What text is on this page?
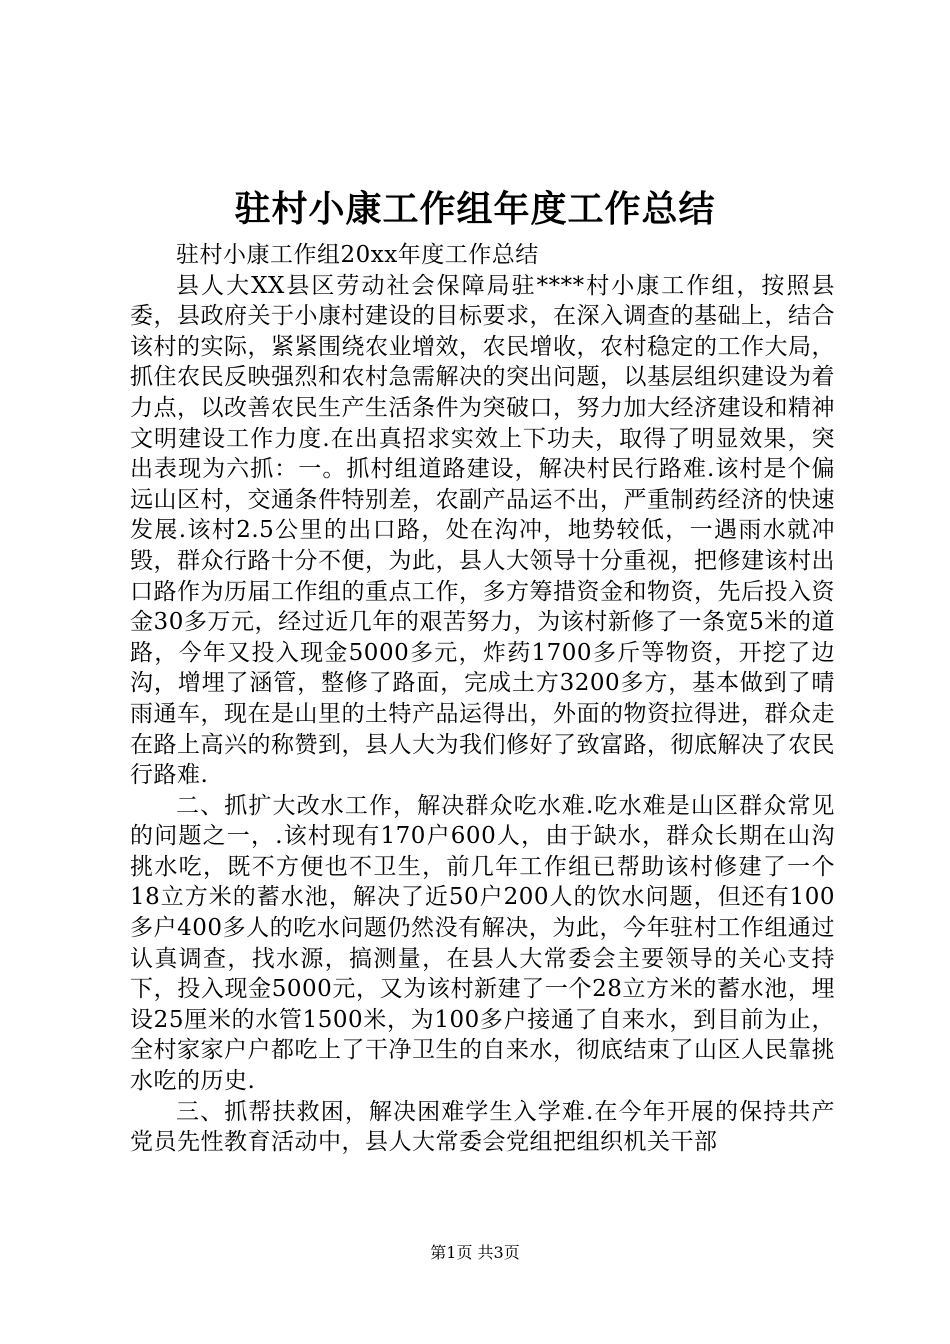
驻村小康工作组年度工作总结

驻村小康工作组20xx年度工作总结

县人大XX县区劳动社会保障局驻****村小康工作组，按照县委，县政府关于小康村建设的目标要求，在深入调查的基础上，结合该村的实际，紧紧围绕农业增效，农民增收，农村稳定的工作大局，抓住农民反映强烈和农村急需解决的突出问题，以基层组织建设为着力点，以改善农民生产生活条件为突破口，努力加大经济建设和精神文明建设工作力度.在出真招求实效上下功夫，取得了明显效果，突出表现为六抓：一。抓村组道路建设，解决村民行路难.该村是个偏远山区村，交通条件特别差，农副产品运不出，严重制药经济的快速发展.该村2.5公里的出口路，处在沟冲，地势较低，一遇雨水就冲毁，群众行路十分不便，为此，县人大领导十分重视，把修建该村出口路作为历届工作组的重点工作，多方筹措资金和物资，先后投入资金30多万元，经过近几年的艰苦努力，为该村新修了一条宽5米的道路，今年又投入现金5000多元，炸药1700多斤等物资，开挖了边沟，增埋了涵管，整修了路面，完成土方3200多方，基本做到了晴雨通车，现在是山里的土特产品运得出，外面的物资拉得进，群众走在路上高兴的称赞到，县人大为我们修好了致富路，彻底解决了农民行路难.

二、抓扩大改水工作，解决群众吃水难.吃水难是山区群众常见的问题之一，.该村现有170户600人，由于缺水，群众长期在山沟挑水吃，既不方便也不卫生，前几年工作组已帮助该村修建了一个18立方米的蓄水池，解决了近50户200人的饮水问题，但还有100多户400多人的吃水问题仍然没有解决，为此，今年驻村工作组通过认真调查，找水源，搞测量，在县人大常委会主要领导的关心支持下，投入现金5000元，又为该村新建了一个28立方米的蓄水池，埋设25厘米的水管1500米，为100多户接通了自来水，到目前为止，全村家家户户都吃上了干净卫生的自来水，彻底结束了山区人民靠挑水吃的历史.

三、抓帮扶救困，解决困难学生入学难.在今年开展的保持共产党员先性教育活动中，县人大常委会党组把组织机关干部

第1页 共3页
